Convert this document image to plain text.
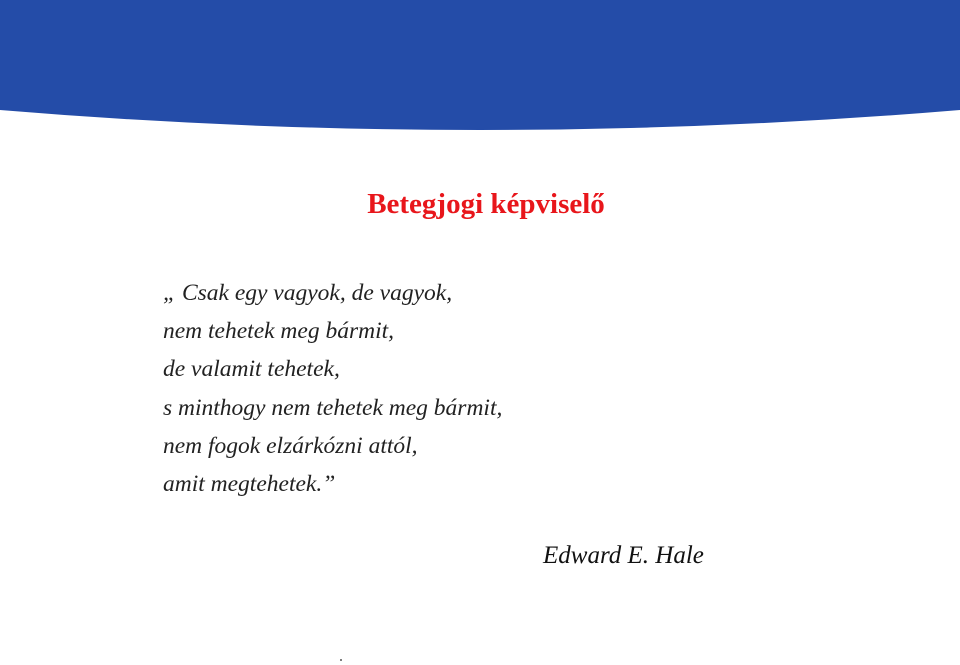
Betegjogi képviselő
„ Csak egy vagyok, de vagyok,
nem tehetek meg bármit,
de valamit tehetek,
s minthogy nem tehetek meg bármit,
nem fogok elzárkózni attól,
amit megtehetek.”

Edward E. Hale
